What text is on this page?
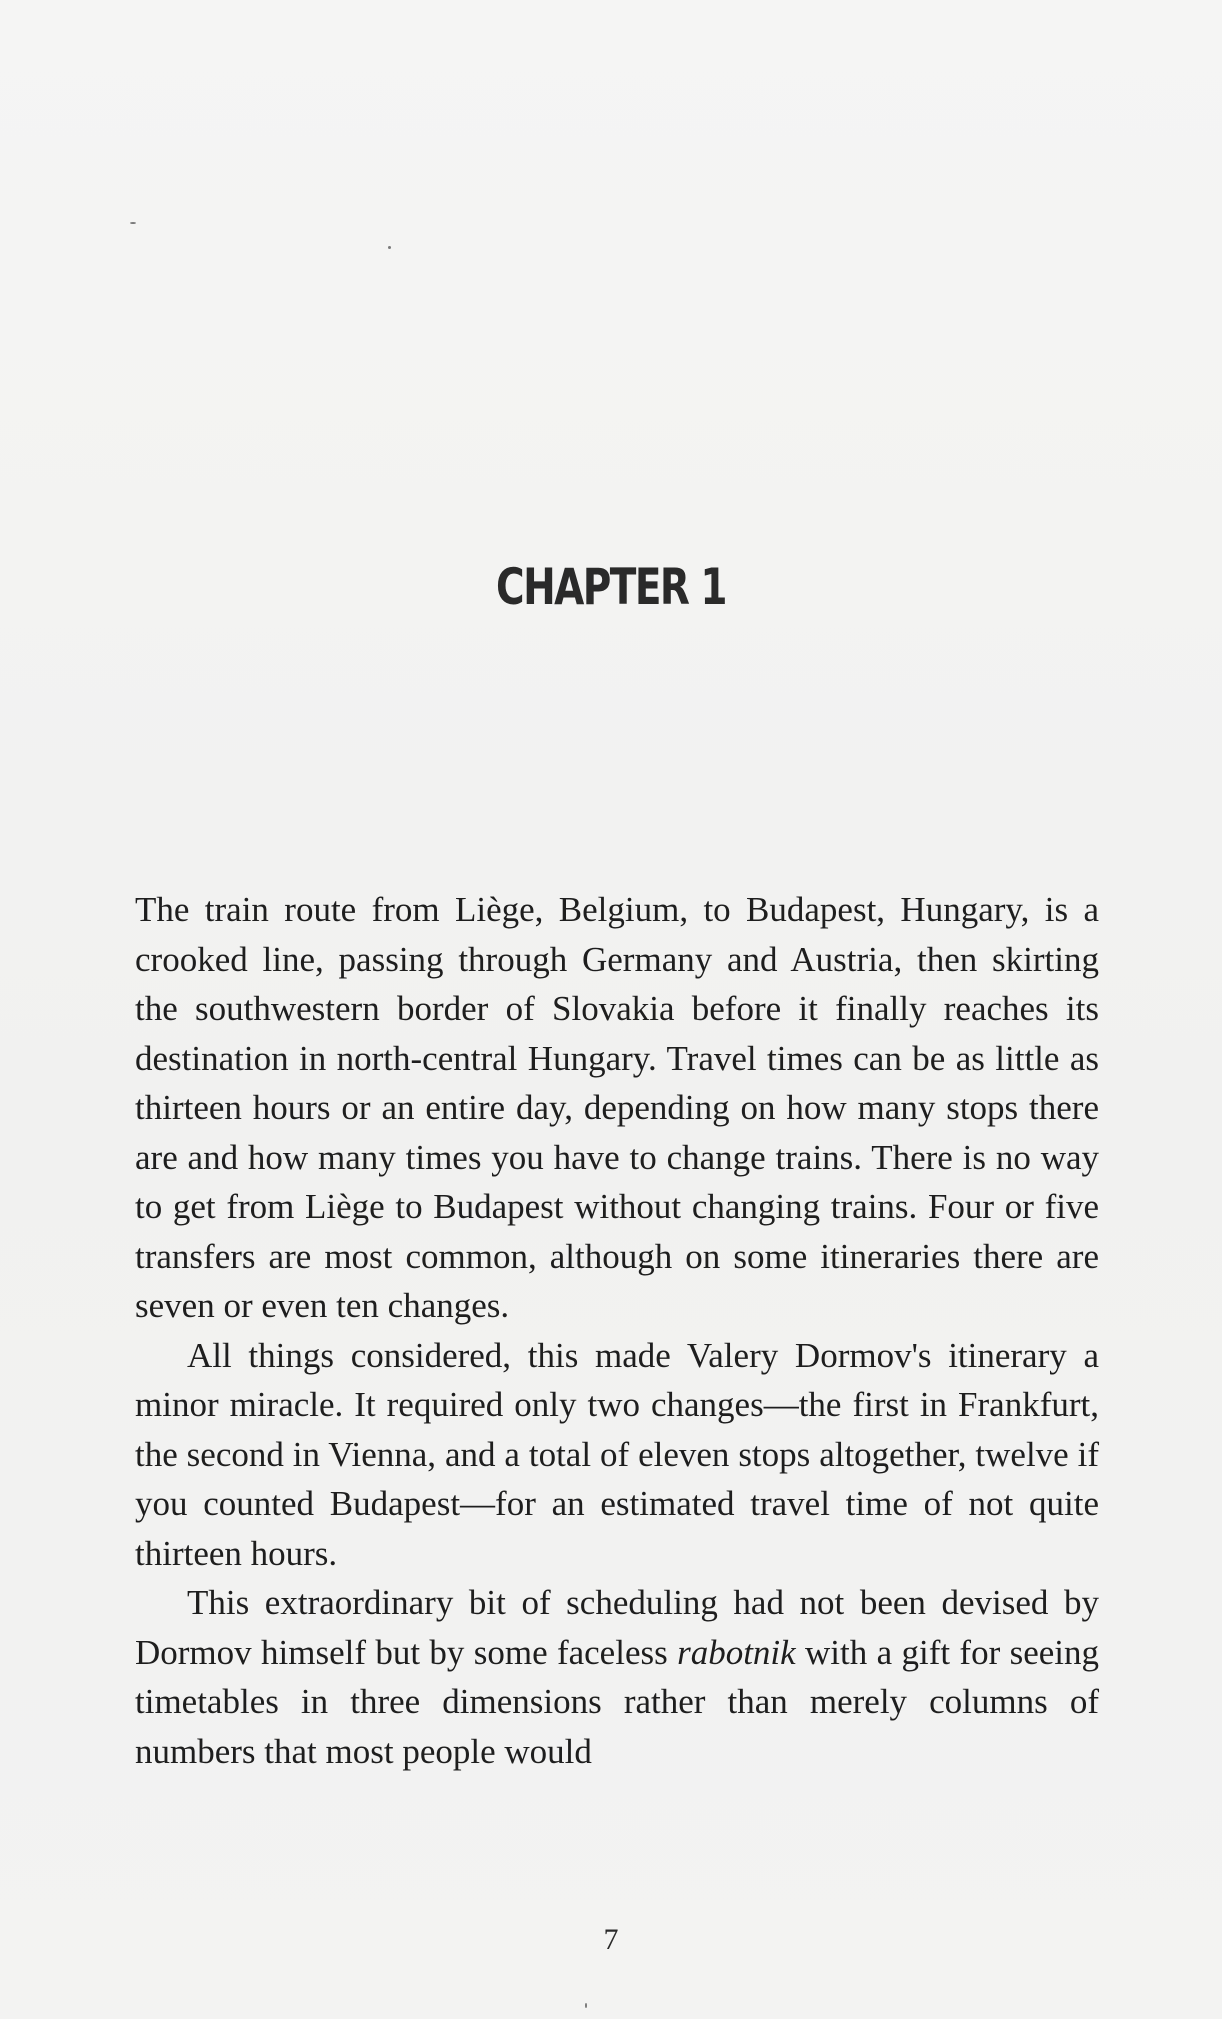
CHAPTER 1

The train route from Liège, Belgium, to Budapest, Hungary, is a crooked line, passing through Germany and Austria, then skirting the southwestern border of Slovakia before it finally reaches its destination in north-central Hungary. Travel times can be as little as thirteen hours or an entire day, depending on how many stops there are and how many times you have to change trains. There is no way to get from Liège to Budapest without changing trains. Four or five transfers are most common, although on some itineraries there are seven or even ten changes.

All things considered, this made Valery Dormov's itinerary a minor miracle. It required only two changes—the first in Frankfurt, the second in Vienna, and a total of eleven stops altogether, twelve if you counted Budapest—for an estimated travel time of not quite thirteen hours.

This extraordinary bit of scheduling had not been devised by Dormov himself but by some faceless rabotnik with a gift for seeing timetables in three dimensions rather than merely columns of numbers that most people would

7
